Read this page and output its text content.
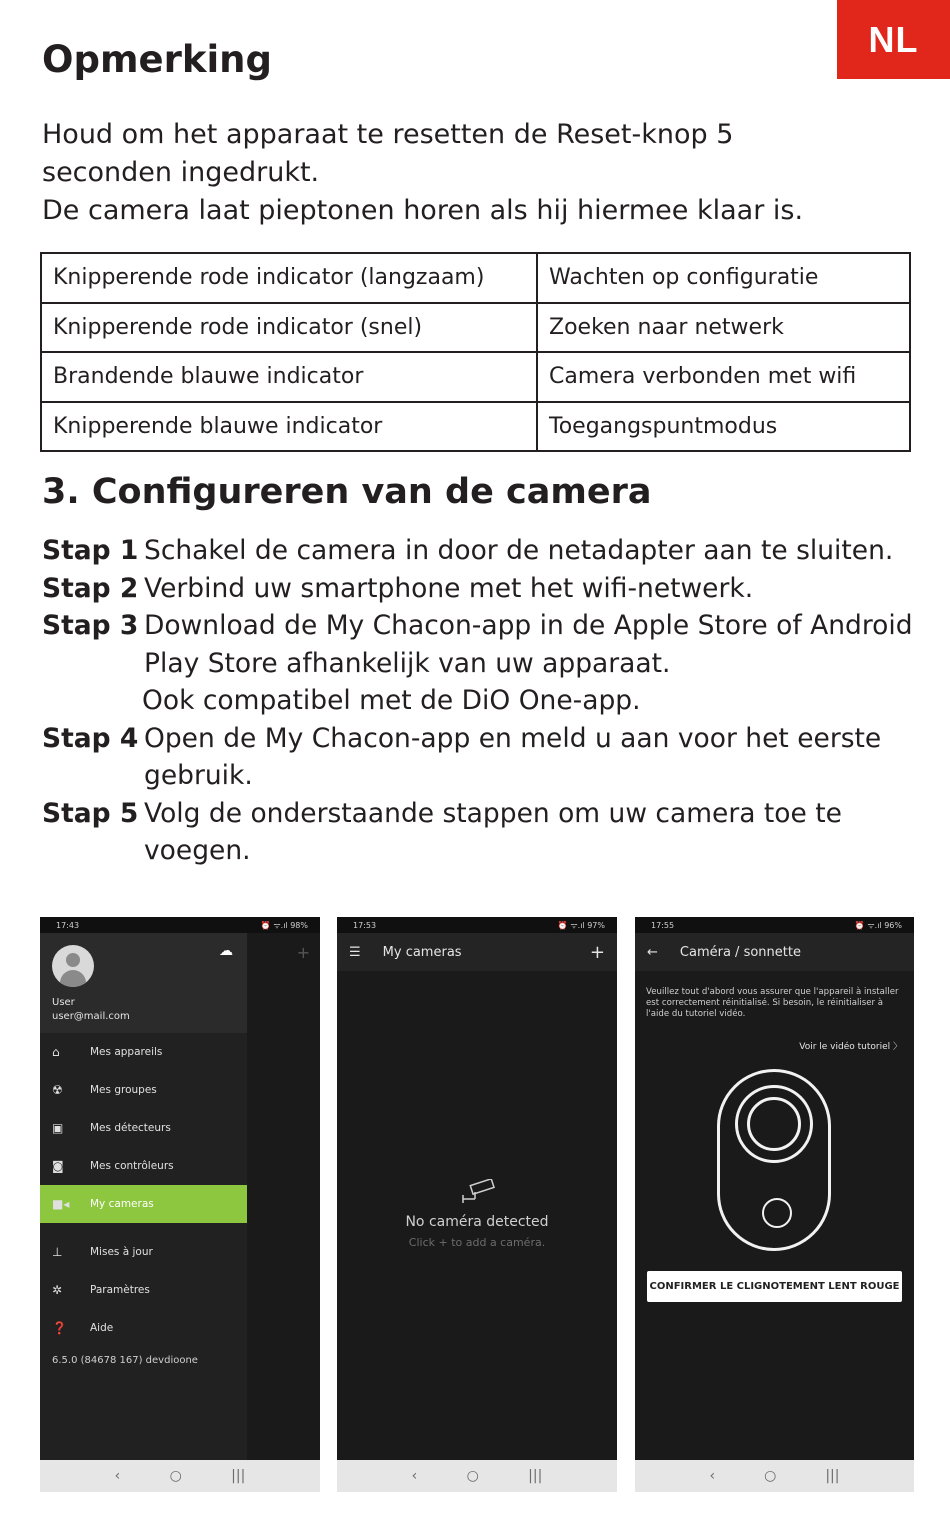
NL
Opmerking

Houd om het apparaat te resetten de Reset-knop 5 seconden ingedrukt.

De camera laat pieptonen horen als hij hiermee klaar is.

Knipperende rode indicator (langzaam)	Wachten op configuratie
Knipperende rode indicator (snel)	Zoeken naar netwerk
Brandende blauwe indicator	Camera verbonden met wifi
Knipperende blauwe indicator	Toegangspuntmodus
3. Configureren van de camera
Stap 1 Schakel de camera in door de netadapter aan te sluiten.
Stap 2 Verbind uw smartphone met het wifi-netwerk.
Stap 3 Download de My Chacon-app in de Apple Store of Android Play Store afhankelijk van uw apparaat.
Ook compatibel met de DiO One-app.
Stap 4 Open de My Chacon-app en meld u aan voor het eerste gebruik.
Stap 5 Volg de onderstaande stappen om uw camera toe te voegen.
17:43	⏰ ᯤ.ıl 98%
+
☁
User
user@mail.com
⌂	Mes appareils
☢	Mes groupes
▣	Mes détecteurs
◙	Mes contrôleurs
■◂	My cameras
⊥	Mises à jour
✲	Paramètres
❓	Aide
6.5.0 (84678 167) devdioone
‹	○	|||
17:53	⏰ ᯤ.ıl 97%
☰ My cameras	+
No caméra detected
Click + to add a caméra.
‹	○	|||
17:55	⏰ ᯤ.ıl 96%
← Caméra / sonnette
Veuillez tout d'abord vous assurer que l'appareil à installer est correctement réinitialisé. Si besoin, le réinitialiser à l'aide du tutoriel vidéo.
Voir le vidéo tutoriel 〉
CONFIRMER LE CLIGNOTEMENT LENT ROUGE
‹	○	|||
